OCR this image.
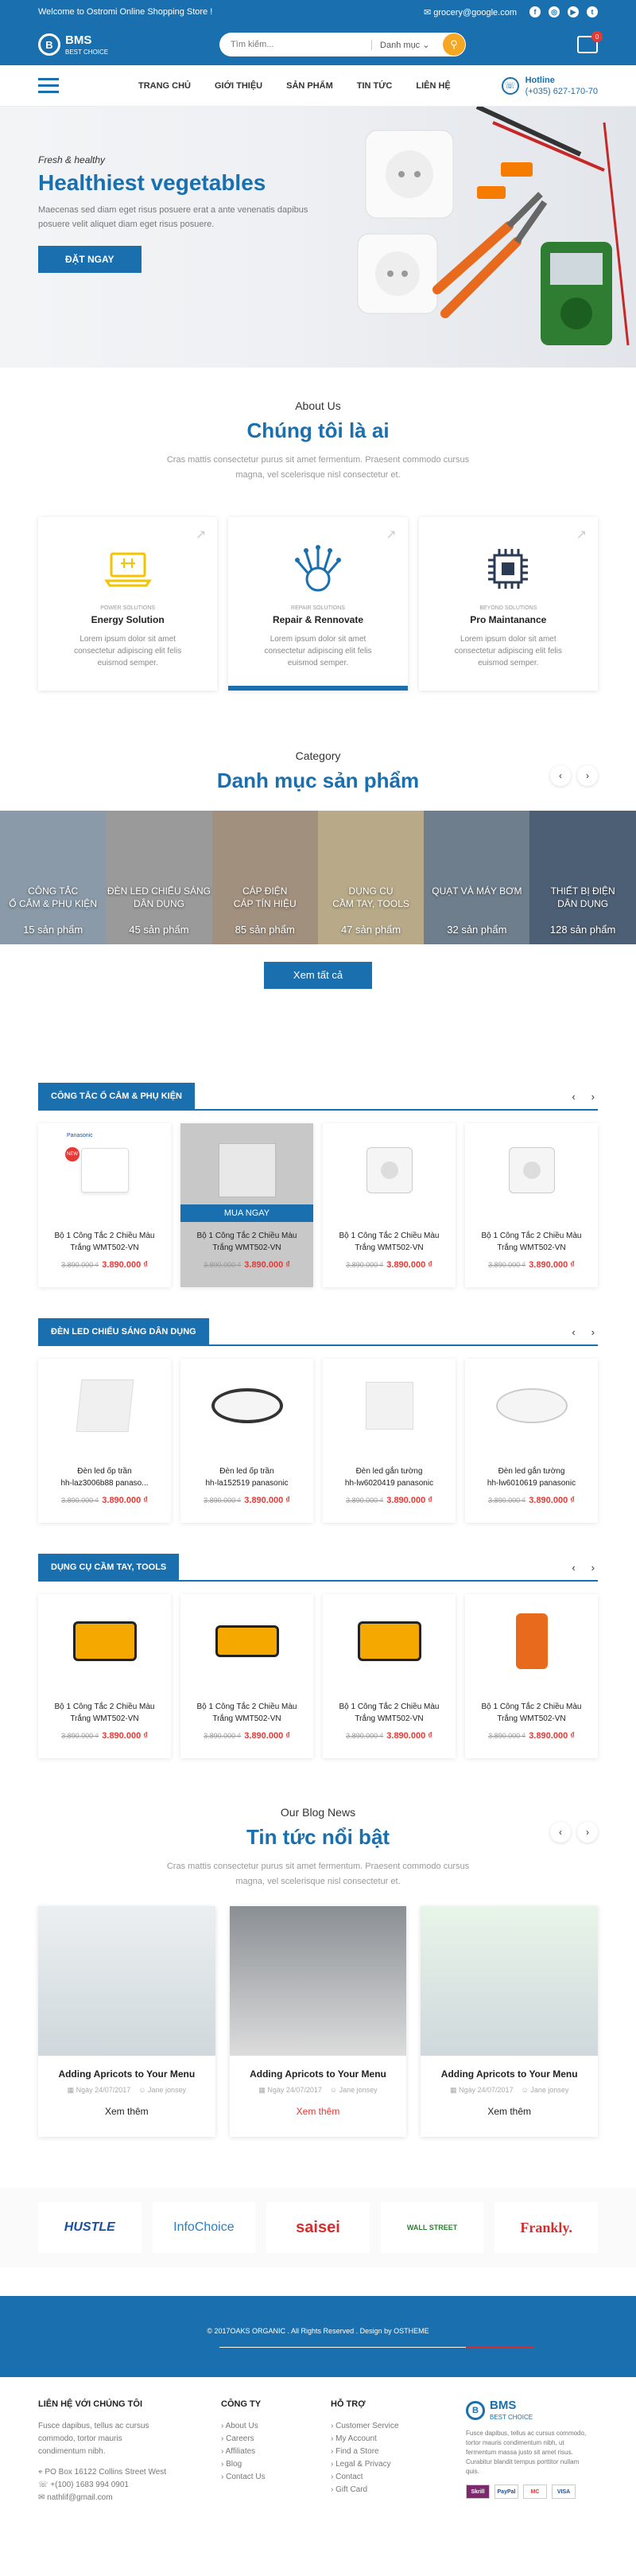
Welcome to Ostromi Online Shopping Store !	✉ grocery@google.com	f	◎	▶	t
B	BMS
BEST CHOICE
Tìm kiếm...
Danh mục ⌄	⚲
0
TRANG CHỦ	GIỚI THIỆU	SẢN PHẨM	TIN TỨC	LIÊN HỆ	☏
Hotline
(+035) 627-170-70
Fresh & healthy
Healthiest vegetables

Maecenas sed diam eget risus posuere erat a ante venenatis dapibus posuere velit aliquet diam eget risus posuere.

ĐẶT NGAY
About Us
Chúng tôi là ai

Cras mattis consectetur purus sit amet fermentum. Praesent commodo cursus

magna, vel scelerisque nisl consectetur et.

↗
POWER SOLUTIONS
Energy Solution

Lorem ipsum dolor sit amet consectetur adipiscing elit felis euismod semper.

↗
REPAIR SOLUTIONS
Repair & Rennovate

Lorem ipsum dolor sit amet consectetur adipiscing elit felis euismod semper.

↗
BEYOND SOLUTIONS
Pro Maintanance

Lorem ipsum dolor sit amet consectetur adipiscing elit felis euismod semper.

Category
Danh mục sản phẩm	‹	›
CÔNG TẮC
Ổ CẮM & PHỤ KIỆN
15 sản phẩm
ĐÈN LED CHIẾU SÁNG
DÂN DỤNG
45 sản phẩm
CÁP ĐIỆN
CÁP TÍN HIỆU
85 sản phẩm
DỤNG CỤ
CẦM TAY, TOOLS
47 sản phẩm
QUẠT VÀ MÁY BƠM

32 sản phẩm
THIẾT BỊ ĐIỆN
DÂN DỤNG
128 sản phẩm
Xem tất cả
CÔNG TẮC Ổ CẮM & PHỤ KIỆN	‹ ›
NEW
Panasonic
Bộ 1 Công Tắc 2 Chiều Màu
Trắng WMT502-VN
3.890.000 ₫ 3.890.000 ₫
MUA NGAY
Bộ 1 Công Tắc 2 Chiều Màu
Trắng WMT502-VN
3.890.000 ₫ 3.890.000 ₫
Bộ 1 Công Tắc 2 Chiều Màu
Trắng WMT502-VN
3.890.000 ₫ 3.890.000 ₫
Bộ 1 Công Tắc 2 Chiều Màu
Trắng WMT502-VN
3.890.000 ₫ 3.890.000 ₫
ĐÈN LED CHIẾU SÁNG DÂN DỤNG	‹ ›
Đèn led ốp trần
hh-laz3006b88 panaso...
3.890.000 ₫ 3.890.000 ₫
Đèn led ốp trần
hh-la152519 panasonic
3.890.000 ₫ 3.890.000 ₫
Đèn led gắn tường
hh-lw6020419 panasonic
3.890.000 ₫ 3.890.000 ₫
Đèn led gắn tường
hh-lw6010619 panasonic
3.890.000 ₫ 3.890.000 ₫
DỤNG CỤ CẦM TAY, TOOLS	‹ ›
Bộ 1 Công Tắc 2 Chiều Màu
Trắng WMT502-VN
3.890.000 ₫ 3.890.000 ₫
Bộ 1 Công Tắc 2 Chiều Màu
Trắng WMT502-VN
3.890.000 ₫ 3.890.000 ₫
Bộ 1 Công Tắc 2 Chiều Màu
Trắng WMT502-VN
3.890.000 ₫ 3.890.000 ₫
Bộ 1 Công Tắc 2 Chiều Màu
Trắng WMT502-VN
3.890.000 ₫ 3.890.000 ₫
Our Blog News
Tin tức nổi bật

Cras mattis consectetur purus sit amet fermentum. Praesent commodo cursus

magna, vel scelerisque nisl consectetur et.

‹	›
Adding Apricots to Your Menu
▦ Ngày 24/07/2017 ☺ Jane jonsey
Xem thêm
Adding Apricots to Your Menu
▦ Ngày 24/07/2017 ☺ Jane jonsey
Xem thêm
Adding Apricots to Your Menu
▦ Ngày 24/07/2017 ☺ Jane jonsey
Xem thêm
HUSTLE	InfoChoice	saisei	WALL STREET	Frankly.
Your Email...
LIÊN HỆ VỚI CHÚNG TÔI

Fusce dapibus, tellus ac cursus commodo, tortor mauris condimentum nibh.

⌖ PO Box 16122 Collins Street West

☏ +(100) 1683 994 0901

✉ nathlif@gmail.com

CÔNG TY
› About Us
› Careers
› Affiliates
› Blog
› Contact Us
HỖ TRỢ
› Customer Service
› My Account
› Find a Store
› Legal & Privacy
› Contact
› Gift Card
B BMS
BEST CHOICE

Fusce dapibus, tellus ac cursus commodo, tortor mauris condimentum nibh, ut fermentum massa justo sit amet risus. Curabitur blandit tempus porttitor nullam quis.

Skrill	PayPal	MC	VISA
© 2017OAKS ORGANIC . All Rights Reserved . Design by OSTHEME
